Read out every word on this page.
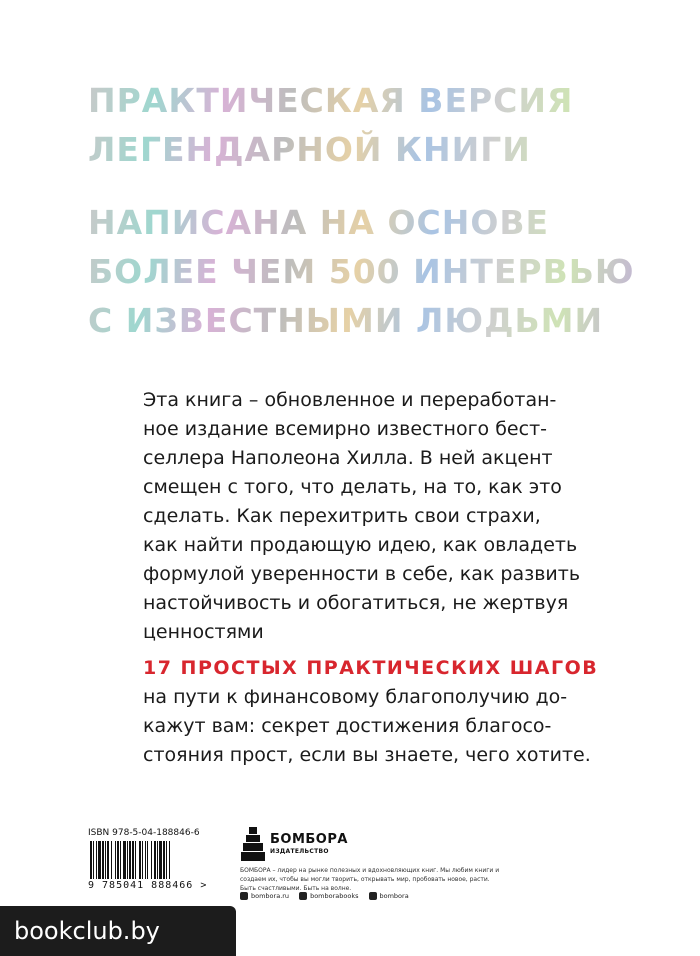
ПРАКТИЧЕСКАЯ ВЕРСИЯ
ЛЕГЕНДАРНОЙ КНИГИ
НАПИСАНА НА ОСНОВЕ
БОЛЕЕ ЧЕМ 500 ИНТЕРВЬЮ
С ИЗВЕСТНЫМИ ЛЮДЬМИ
Эта книга – обновленное и переработан-
ное издание всемирно известного бест-
селлера Наполеона Хилла. В ней акцент
смещен с того, что делать, на то, как это
сделать. Как перехитрить свои страхи,
как найти продающую идею, как овладеть
формулой уверенности в себе, как развить
настойчивость и обогатиться, не жертвуя
ценностями
17 ПРОСТЫХ ПРАКТИЧЕСКИХ ШАГОВ
на пути к финансовому благополучию до-
кажут вам: секрет достижения благосо-
стояния прост, если вы знаете, чего хотите.
ISBN 978-5-04-188846-6
9 785041 888466 >
БОМБОРА
ИЗДАТЕЛЬСТВО
БОМБОРА – лидер на рынке полезных и вдохновляющих книг. Мы любим книги и создаем их, чтобы вы могли творить, открывать мир, пробовать новое, расти. Быть счастливыми. Быть на волне.
bombora.ru	bomborabooks	bombora
bookclub.by
